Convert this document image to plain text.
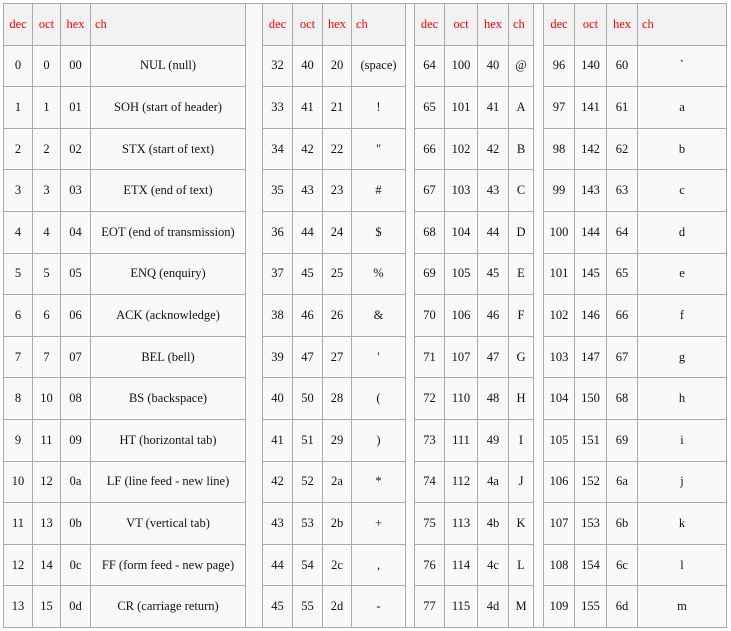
dec	oct	hex	ch		dec	oct	hex	ch		dec	oct	hex	ch		dec	oct	hex	ch
0	0	00	NUL (null)		32	40	20	(space)		64	100	40	@		96	140	60	`
1	1	01	SOH (start of header)		33	41	21	!		65	101	41	A		97	141	61	a
2	2	02	STX (start of text)		34	42	22	"		66	102	42	B		98	142	62	b
3	3	03	ETX (end of text)		35	43	23	#		67	103	43	C		99	143	63	c
4	4	04	EOT (end of transmission)		36	44	24	$		68	104	44	D		100	144	64	d
5	5	05	ENQ (enquiry)		37	45	25	%		69	105	45	E		101	145	65	e
6	6	06	ACK (acknowledge)		38	46	26	&		70	106	46	F		102	146	66	f
7	7	07	BEL (bell)		39	47	27	'		71	107	47	G		103	147	67	g
8	10	08	BS (backspace)		40	50	28	(		72	110	48	H		104	150	68	h
9	11	09	HT (horizontal tab)		41	51	29	)		73	111	49	I		105	151	69	i
10	12	0a	LF (line feed - new line)		42	52	2a	*		74	112	4a	J		106	152	6a	j
11	13	0b	VT (vertical tab)		43	53	2b	+		75	113	4b	K		107	153	6b	k
12	14	0c	FF (form feed - new page)		44	54	2c	,		76	114	4c	L		108	154	6c	l
13	15	0d	CR (carriage return)		45	55	2d	-		77	115	4d	M		109	155	6d	m
